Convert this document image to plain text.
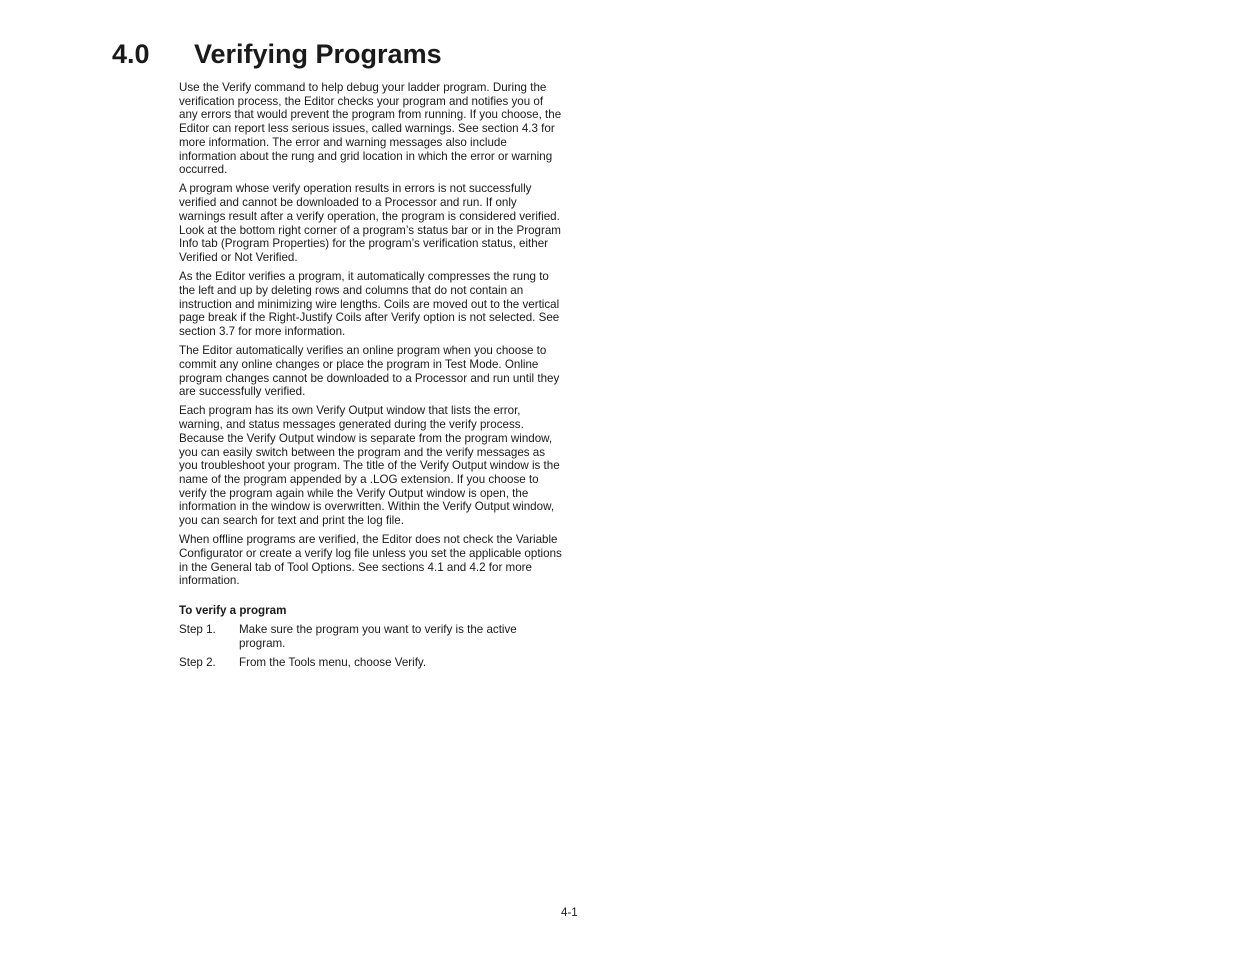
4.0 Verifying Programs

Use the Verify command to help debug your ladder program. During the verification process, the Editor checks your program and notifies you of any errors that would prevent the program from running. If you choose, the Editor can report less serious issues, called warnings. See section 4.3 for more information. The error and warning messages also include information about the rung and grid location in which the error or warning occurred.

A program whose verify operation results in errors is not successfully verified and cannot be downloaded to a Processor and run. If only warnings result after a verify operation, the program is considered verified. Look at the bottom right corner of a program’s status bar or in the Program Info tab (Program Properties) for the program’s verification status, either Verified or Not Verified.

As the Editor verifies a program, it automatically compresses the rung to the left and up by deleting rows and columns that do not contain an instruction and minimizing wire lengths. Coils are moved out to the vertical page break if the Right-Justify Coils after Verify option is not selected. See section 3.7 for more information.

The Editor automatically verifies an online program when you choose to commit any online changes or place the program in Test Mode. Online program changes cannot be downloaded to a Processor and run until they are successfully verified.

Each program has its own Verify Output window that lists the error, warning, and status messages generated during the verify process. Because the Verify Output window is separate from the program window, you can easily switch between the program and the verify messages as you troubleshoot your program. The title of the Verify Output window is the name of the program appended by a .LOG extension. If you choose to verify the program again while the Verify Output window is open, the information in the window is overwritten. Within the Verify Output window, you can search for text and print the log file.

When offline programs are verified, the Editor does not check the Variable Configurator or create a verify log file unless you set the applicable options in the General tab of Tool Options. See sections 4.1 and 4.2 for more information.

To verify a program
Step 1.	Make sure the program you want to verify is the active program.
Step 2.	From the Tools menu, choose Verify.
4-1
